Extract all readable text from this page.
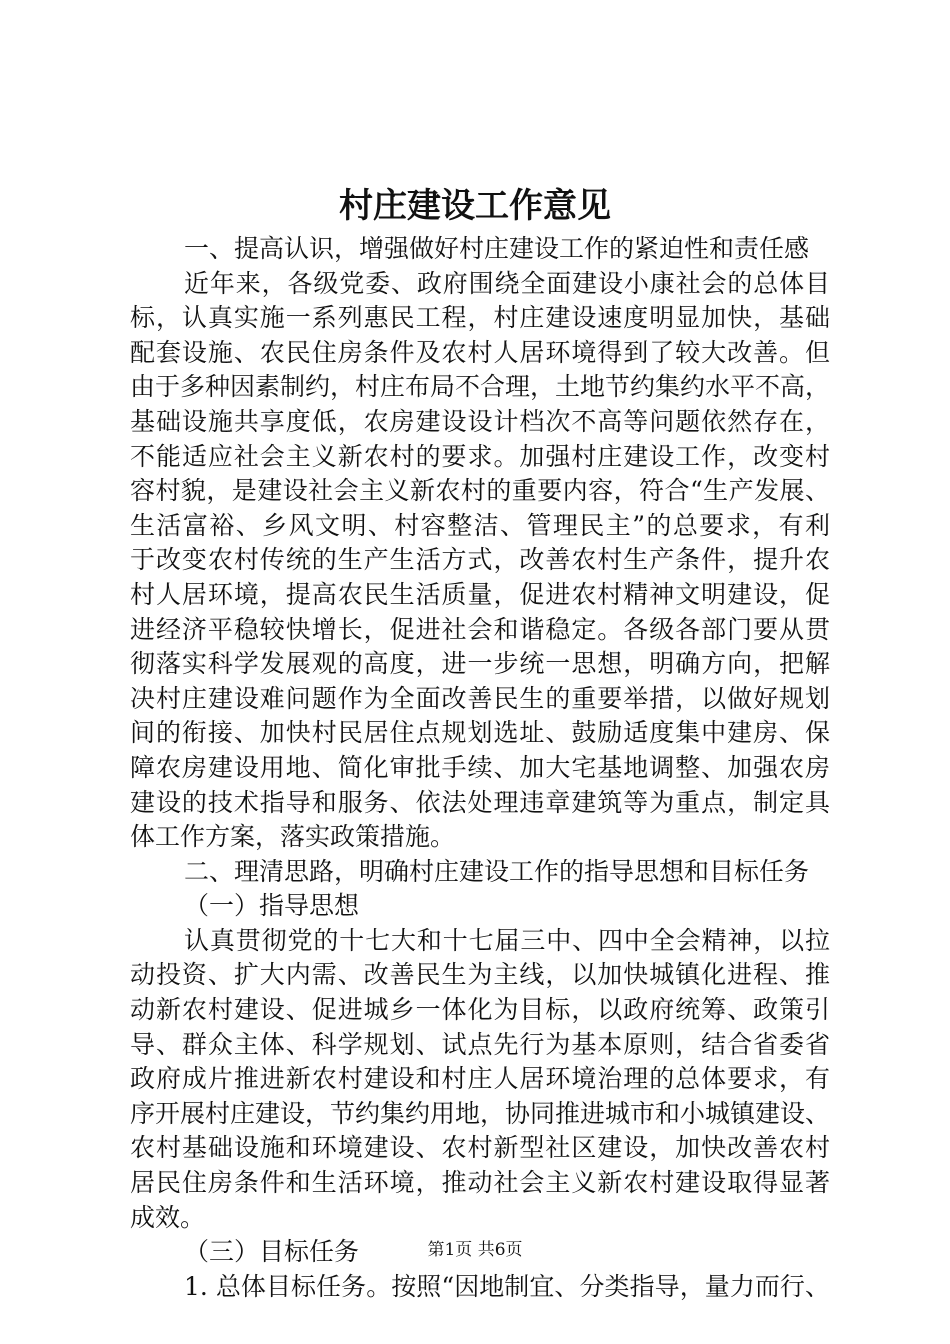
村庄建设工作意见
一、提高认识，增强做好村庄建设工作的紧迫性和责任感
近年来，各级党委、政府围绕全面建设小康社会的总体目
标，认真实施一系列惠民工程，村庄建设速度明显加快，基础
配套设施、农民住房条件及农村人居环境得到了较大改善。但
由于多种因素制约，村庄布局不合理，土地节约集约水平不高，
基础设施共享度低，农房建设设计档次不高等问题依然存在，
不能适应社会主义新农村的要求。加强村庄建设工作，改变村
容村貌，是建设社会主义新农村的重要内容，符合“生产发展、
生活富裕、乡风文明、村容整洁、管理民主”的总要求，有利
于改变农村传统的生产生活方式，改善农村生产条件，提升农
村人居环境，提高农民生活质量，促进农村精神文明建设，促
进经济平稳较快增长，促进社会和谐稳定。各级各部门要从贯
彻落实科学发展观的高度，进一步统一思想，明确方向，把解
决村庄建设难问题作为全面改善民生的重要举措，以做好规划
间的衔接、加快村民居住点规划选址、鼓励适度集中建房、保
障农房建设用地、简化审批手续、加大宅基地调整、加强农房
建设的技术指导和服务、依法处理违章建筑等为重点，制定具
体工作方案，落实政策措施。
二、理清思路，明确村庄建设工作的指导思想和目标任务
（一）指导思想
认真贯彻党的十七大和十七届三中、四中全会精神，以拉
动投资、扩大内需、改善民生为主线，以加快城镇化进程、推
动新农村建设、促进城乡一体化为目标，以政府统筹、政策引
导、群众主体、科学规划、试点先行为基本原则，结合省委省
政府成片推进新农村建设和村庄人居环境治理的总体要求，有
序开展村庄建设，节约集约用地，协同推进城市和小城镇建设、
农村基础设施和环境建设、农村新型社区建设，加快改善农村
居民住房条件和生活环境，推动社会主义新农村建设取得显著
成效。
（三）目标任务
1. 总体目标任务。按照“因地制宜、分类指导，量力而行、
第1页 共6页
